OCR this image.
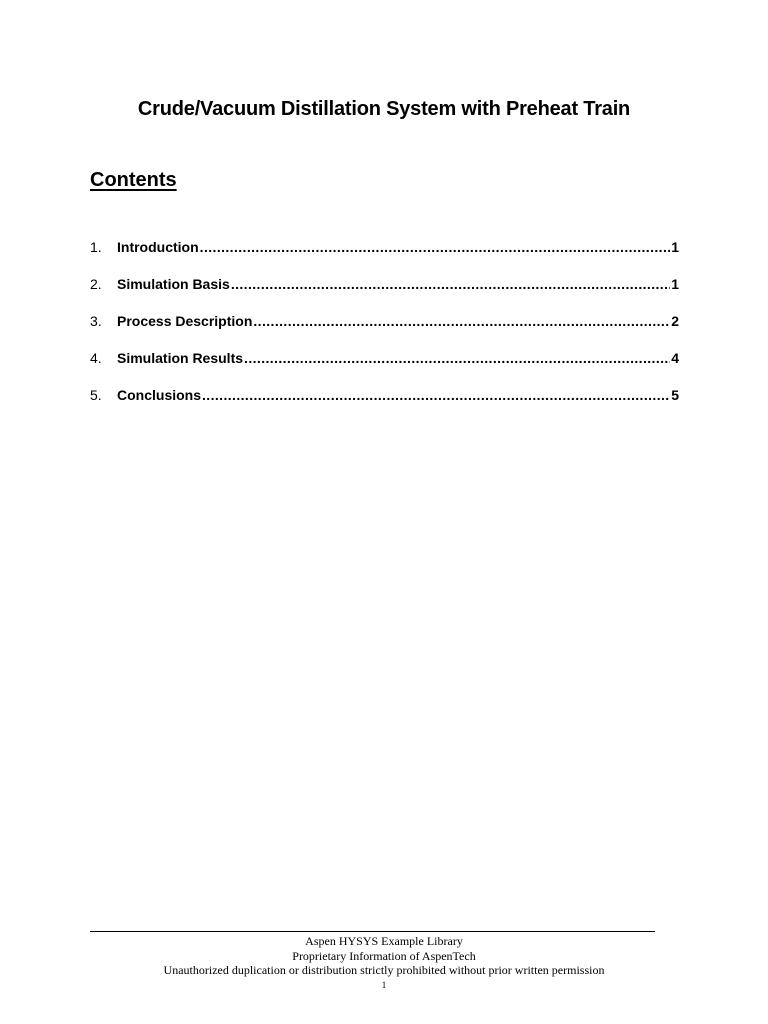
Crude/Vacuum Distillation System with Preheat Train
Contents
1.	Introduction .....	1
2.	Simulation Basis .....	1
3.	Process Description .....	2
4.	Simulation Results .....	4
5.	Conclusions .....	5
Aspen HYSYS Example Library
Proprietary Information of AspenTech
Unauthorized duplication or distribution strictly prohibited without prior written permission
1
